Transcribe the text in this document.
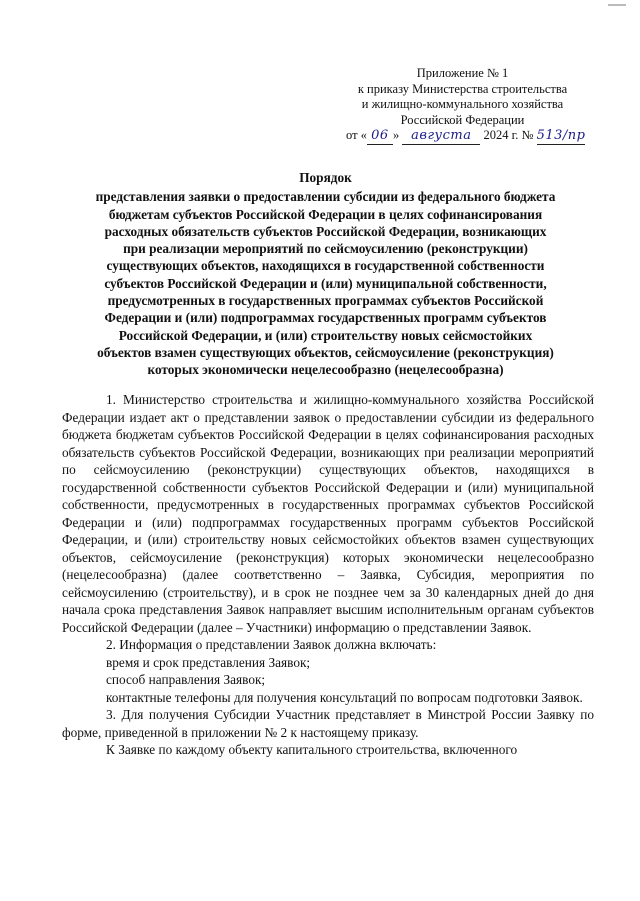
Приложение № 1
к приказу Министерства строительства
и жилищно-коммунального хозяйства
Российской Федерации
от « 06 » августа 2024 г. № 513/пр
Порядок
представления заявки о предоставлении субсидии из федерального бюджета
бюджетам субъектов Российской Федерации в целях софинансирования
расходных обязательств субъектов Российской Федерации, возникающих
при реализации мероприятий по сейсмоусилению (реконструкции)
существующих объектов, находящихся в государственной собственности
субъектов Российской Федерации и (или) муниципальной собственности,
предусмотренных в государственных программах субъектов Российской
Федерации и (или) подпрограммах государственных программ субъектов
Российской Федерации, и (или) строительству новых сейсмостойких
объектов взамен существующих объектов, сейсмоусиление (реконструкция)
которых экономически нецелесообразно (нецелесообразна)

1. Министерство строительства и жилищно-коммунального хозяйства Российской Федерации издает акт о представлении заявок о предоставлении субсидии из федерального бюджета бюджетам субъектов Российской Федерации в целях софинансирования расходных обязательств субъектов Российской Федерации, возникающих при реализации мероприятий по сейсмоусилению (реконструкции) существующих объектов, находящихся в государственной собственности субъектов Российской Федерации и (или) муниципальной собственности, предусмотренных в государственных программах субъектов Российской Федерации и (или) подпрограммах государственных программ субъектов Российской Федерации, и (или) строительству новых сейсмостойких объектов взамен существующих объектов, сейсмоусиление (реконструкция) которых экономически нецелесообразно (нецелесообразна) (далее соответственно – Заявка, Субсидия, мероприятия по сейсмоусилению (строительству), и в срок не позднее чем за 30 календарных дней до дня начала срока представления Заявок направляет высшим исполнительным органам субъектов Российской Федерации (далее – Участники) информацию о представлении Заявок.

2. Информация о представлении Заявок должна включать:

время и срок представления Заявок;

способ направления Заявок;

контактные телефоны для получения консультаций по вопросам подготовки Заявок.

3. Для получения Субсидии Участник представляет в Минстрой России Заявку по форме, приведенной в приложении № 2 к настоящему приказу.

К Заявке по каждому объекту капитального строительства, включенного
